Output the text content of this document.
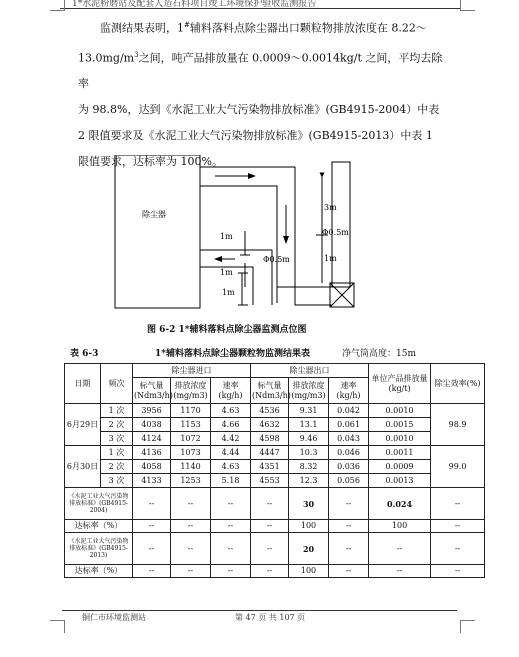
1*水泥粉磨站及配套人造石料项目竣工环境保护验收监测报告

监测结果表明，1#辅料落料点除尘器出口颗粒物排放浓度在 8.22～

$13.0mg/m^3$之间，吨产品排放量在 0.0009～0.0014kg/t 之间，平均去除率

为 98.8%，达到《水泥工业大气污染物排放标准》(GB4915-2004）中表

2 限值要求及《水泥工业大气污染物排放标准》(GB4915-2013）中表 1

限值要求，达标率为 100%。

除尘器
3m
Φ0.5m
1m
1m
1m
Φ0.5m
1m
图 6-2 1*辅料落料点除尘器监测点位图
表 6-3	1*辅料落料点除尘器颗粒物监测结果表	净气筒高度：15m
日期	频次	除尘器进口			除尘器出口			单位产品排放量(kg/t)	除尘效率(%)
		标气量(Ndm3/h)	排放浓度(mg/m3)	速率(kg/h)	标气量(Ndm3/h)	排放浓度(mg/m3)	速率(kg/h)		
6月29日	1 次	3956	1170	4.63	4536	9.31	0.042	0.0010	98.9
	2 次	4038	1153	4.66	4632	13.1	0.061	0.0015	
	3 次	4124	1072	4.42	4598	9.46	0.043	0.0010	
6月30日	1 次	4136	1073	4.44	4447	10.3	0.046	0.0011	99.0
	2 次	4058	1140	4.63	4351	8.32	0.036	0.0009	
	3 次	4133	1253	5.18	4553	12.3	0.056	0.0013	
《水泥工业大气污染物排放标准》(GB4915-2004)		--	--	--	--	30	--	0.024	--
达标率（%）		--	--	--	--	100	--	100	--
《水泥工业大气污染物排放标准》(GB4915-2013)		--	--	--	--	20	--	--	--
达标率（%）		--	--	--	--	100	--	--	--
铜仁市环境监测站	第 47 页 共 107 页
